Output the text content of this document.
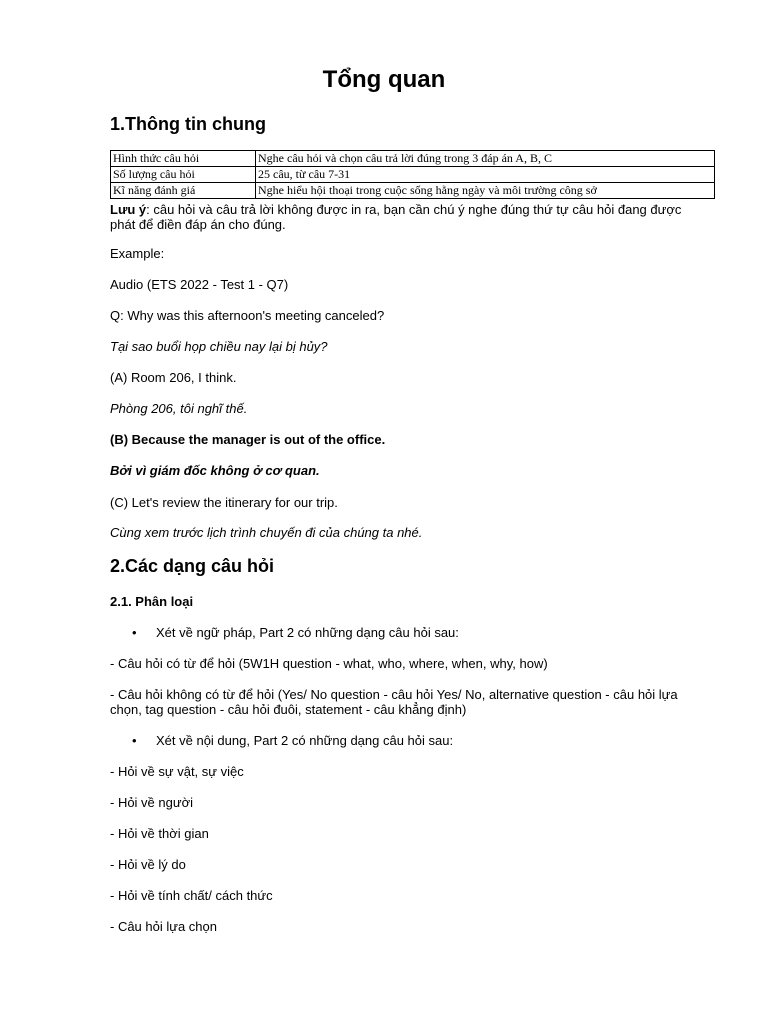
Tổng quan
1.Thông tin chung
Hình thức câu hỏi	Nghe câu hỏi và chọn câu trả lời đúng trong 3 đáp án A, B, C
Số lượng câu hỏi	25 câu, từ câu 7-31
Kĩ năng đánh giá	Nghe hiểu hội thoại trong cuộc sống hằng ngày và môi trường công sở

Lưu ý: câu hỏi và câu trả lời không được in ra, bạn cần chú ý nghe đúng thứ tự câu hỏi đang được phát để điền đáp án cho đúng.

Example:

Audio (ETS 2022 - Test 1 - Q7)

Q: Why was this afternoon's meeting canceled?

Tại sao buổi họp chiều nay lại bị hủy?

(A) Room 206, I think.

Phòng 206, tôi nghĩ thế.

(B) Because the manager is out of the office.

Bởi vì giám đốc không ở cơ quan.

(C) Let's review the itinerary for our trip.

Cùng xem trước lịch trình chuyến đi của chúng ta nhé.

2.Các dạng câu hỏi
2.1. Phân loại
• Xét về ngữ pháp, Part 2 có những dạng câu hỏi sau:

- Câu hỏi có từ để hỏi (5W1H question - what, who, where, when, why, how)

- Câu hỏi không có từ để hỏi (Yes/ No question - câu hỏi Yes/ No, alternative question - câu hỏi lựa chọn, tag question - câu hỏi đuôi, statement - câu khẳng định)

• Xét về nội dung, Part 2 có những dạng câu hỏi sau:

- Hỏi về sự vật, sự việc

- Hỏi về người

- Hỏi về thời gian

- Hỏi về lý do

- Hỏi về tính chất/ cách thức

- Câu hỏi lựa chọn
